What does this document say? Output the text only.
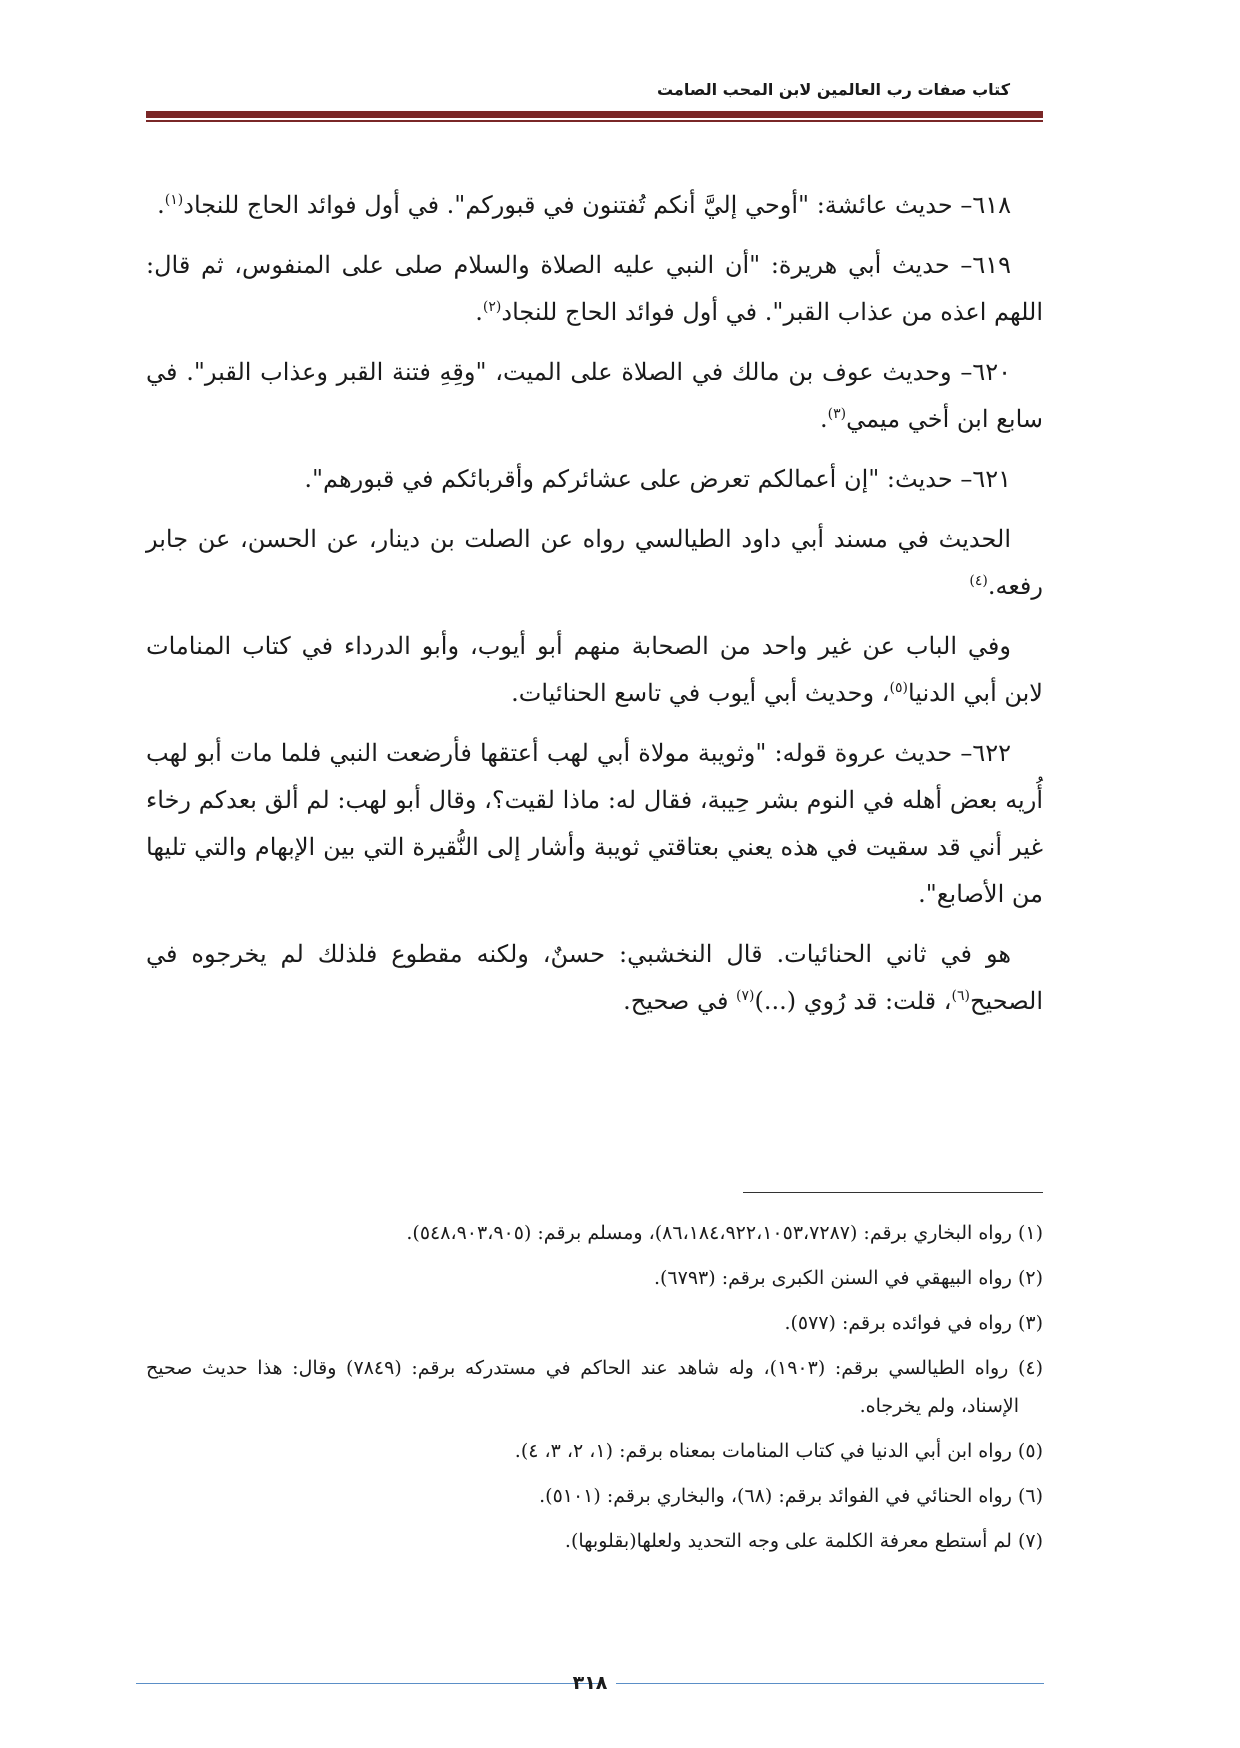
كتاب صفات رب العالمين لابن المحب الصامت

٦١٨– حديث عائشة: "أوحي إليَّ أنكم تُفتنون في قبوركم". في أول فوائد الحاج للنجاد$^{(١)}$.

٦١٩– حديث أبي هريرة: "أن النبي عليه الصلاة والسلام صلى على المنفوس، ثم قال: اللهم اعذه من عذاب القبر". في أول فوائد الحاج للنجاد$^{(٢)}$.

٦٢٠– وحديث عوف بن مالك في الصلاة على الميت، "وقِهِ فتنة القبر وعذاب القبر". في سابع ابن أخي ميمي$^{(٣)}$.

٦٢١– حديث: "إن أعمالكم تعرض على عشائركم وأقربائكم في قبورهم".

الحديث في مسند أبي داود الطيالسي رواه عن الصلت بن دينار، عن الحسن، عن جابر رفعه.$^{(٤)}$

وفي الباب عن غير واحد من الصحابة منهم أبو أيوب، وأبو الدرداء في كتاب المنامات لابن أبي الدنيا$^{(٥)}$، وحديث أبي أيوب في تاسع الحنائيات.

٦٢٢– حديث عروة قوله: "وثويبة مولاة أبي لهب أعتقها فأرضعت النبي فلما مات أبو لهب أُريه بعض أهله في النوم بشر حِيبة، فقال له: ماذا لقيت؟، وقال أبو لهب: لم ألق بعدكم رخاء غير أني قد سقيت في هذه يعني بعتاقتي ثويبة وأشار إلى النُّقيرة التي بين الإبهام والتي تليها من الأصابع".

هو في ثاني الحنائيات. قال النخشبي: حسنٌ، ولكنه مقطوع فلذلك لم يخرجوه في الصحيح$^{(٦)}$، قلت: قد رُوي (...)$^{(٧)}$ في صحيح.

(١) رواه البخاري برقم: (٨٦،١٨٤،٩٢٢،١٠٥٣،٧٢٨٧)، ومسلم برقم: (٥٤٨،٩٠٣،٩٠٥).
(٢) رواه البيهقي في السنن الكبرى برقم: (٦٧٩٣).
(٣) رواه في فوائده برقم: (٥٧٧).
(٤) رواه الطيالسي برقم: (١٩٠٣)، وله شاهد عند الحاكم في مستدركه برقم: (٧٨٤٩) وقال: هذا حديث صحيح الإسناد، ولم يخرجاه.
(٥) رواه ابن أبي الدنيا في كتاب المنامات بمعناه برقم: (١، ٢، ٣، ٤).
(٦) رواه الحنائي في الفوائد برقم: (٦٨)، والبخاري برقم: (٥١٠١).
(٧) لم أستطع معرفة الكلمة على وجه التحديد ولعلها(بقلوبها).
٣١٨
